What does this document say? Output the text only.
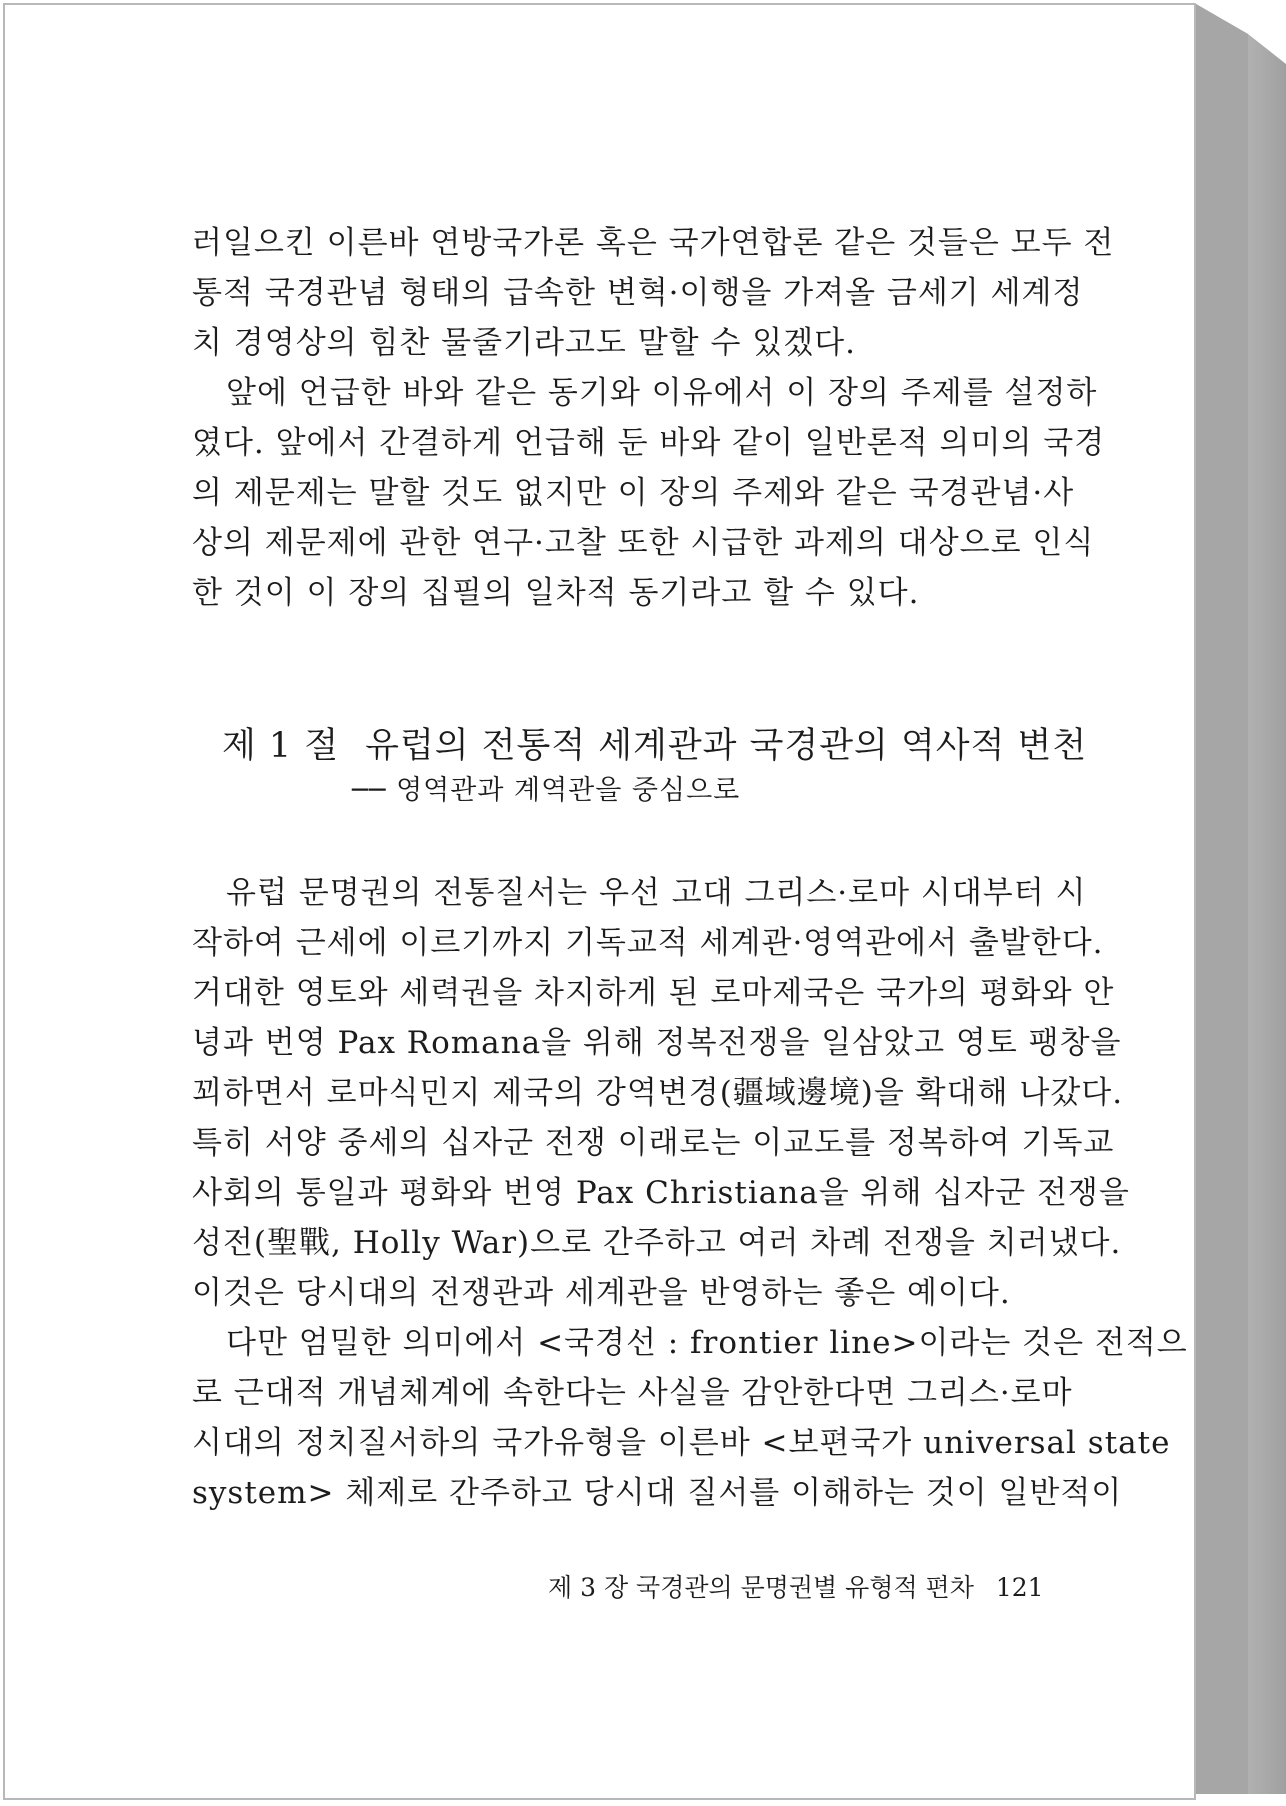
러일으킨 이른바 연방국가론 혹은 국가연합론 같은 것들은 모두 전
통적 국경관념 형태의 급속한 변혁·이행을 가져올 금세기 세계정
치 경영상의 힘찬 물줄기라고도 말할 수 있겠다.
앞에 언급한 바와 같은 동기와 이유에서 이 장의 주제를 설정하
였다. 앞에서 간결하게 언급해 둔 바와 같이 일반론적 의미의 국경
의 제문제는 말할 것도 없지만 이 장의 주제와 같은 국경관념·사
상의 제문제에 관한 연구·고찰 또한 시급한 과제의 대상으로 인식
한 것이 이 장의 집필의 일차적 동기라고 할 수 있다.
제 1 절 유럽의 전통적 세계관과 국경관의 역사적 변천
── 영역관과 계역관을 중심으로
유럽 문명권의 전통질서는 우선 고대 그리스·로마 시대부터 시
작하여 근세에 이르기까지 기독교적 세계관·영역관에서 출발한다.
거대한 영토와 세력권을 차지하게 된 로마제국은 국가의 평화와 안
녕과 번영 Pax Romana을 위해 정복전쟁을 일삼았고 영토 팽창을
꾀하면서 로마식민지 제국의 강역변경(疆域邊境)을 확대해 나갔다.
특히 서양 중세의 십자군 전쟁 이래로는 이교도를 정복하여 기독교
사회의 통일과 평화와 번영 Pax Christiana을 위해 십자군 전쟁을
성전(聖戰, Holly War)으로 간주하고 여러 차례 전쟁을 치러냈다.
이것은 당시대의 전쟁관과 세계관을 반영하는 좋은 예이다.
다만 엄밀한 의미에서 <국경선 : frontier line>이라는 것은 전적으
로 근대적 개념체계에 속한다는 사실을 감안한다면 그리스·로마
시대의 정치질서하의 국가유형을 이른바 <보편국가 universal state
system> 체제로 간주하고 당시대 질서를 이해하는 것이 일반적이
제 3 장 국경관의 문명권별 유형적 편차 121
